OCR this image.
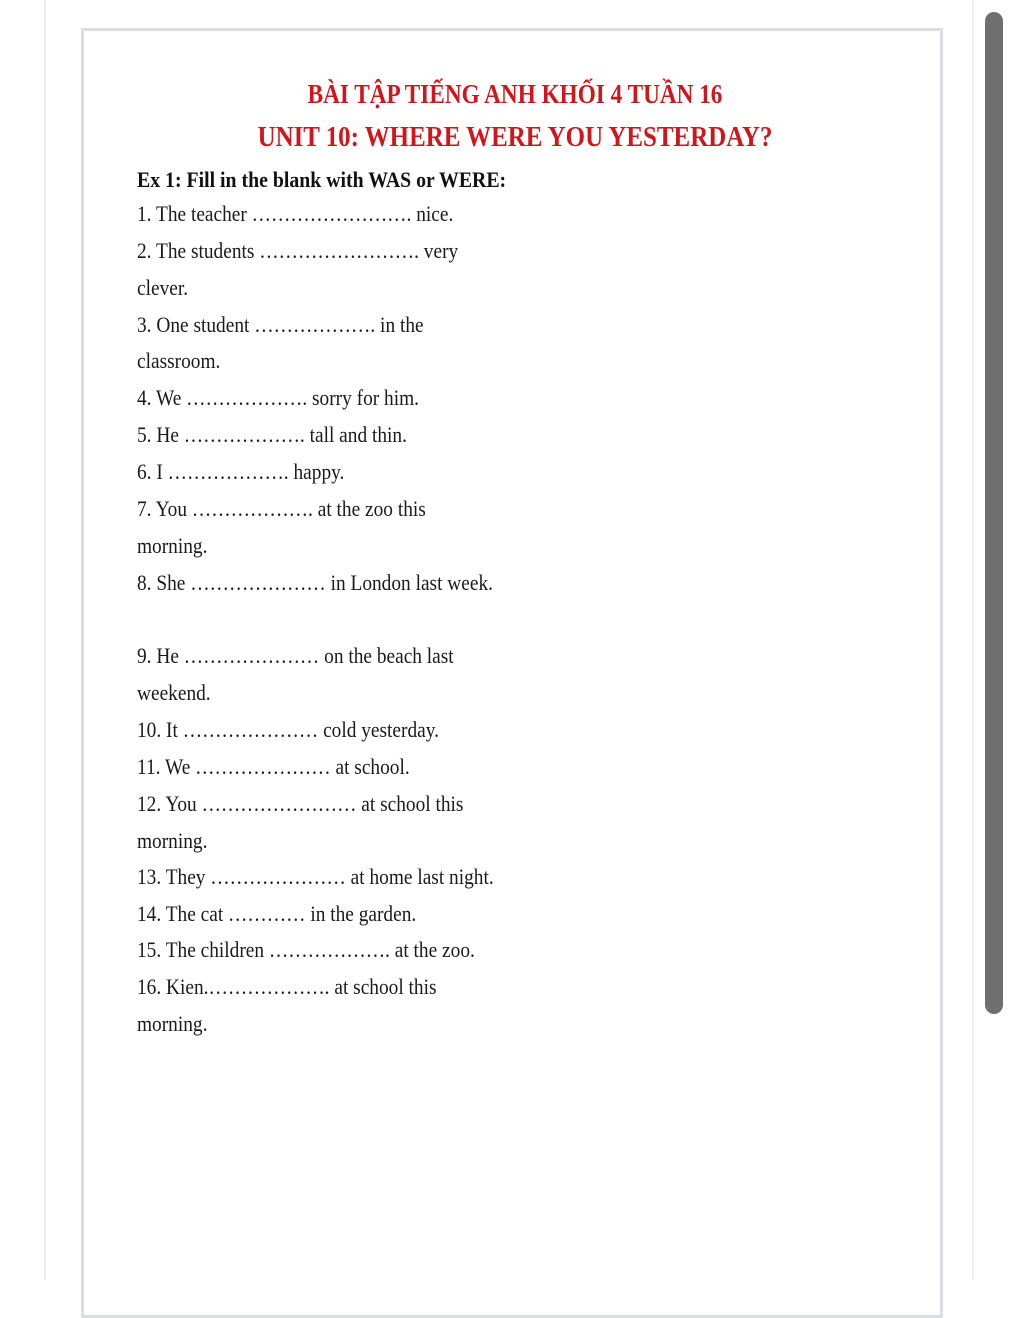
BÀI TẬP TIẾNG ANH KHỐI 4 TUẦN 16
UNIT 10: WHERE WERE YOU YESTERDAY?

Ex 1: Fill in the blank with WAS or WERE:

1. The teacher ……………………. nice.

2. The students ……………………. very

clever.

3. One student ………………. in the

classroom.

4. We ………………. sorry for him.

5. He ………………. tall and thin.

6. I ………………. happy.

7. You ………………. at the zoo this

morning.

8. She ………………… in London last week.

9. He ………………… on the beach last

weekend.

10. It ………………… cold yesterday.

11. We ………………… at school.

12. You …………………… at school this

morning.

13. They ………………… at home last night.

14. The cat ………… in the garden.

15. The children ………………. at the zoo.

16. Kien.………………. at school this

morning.
